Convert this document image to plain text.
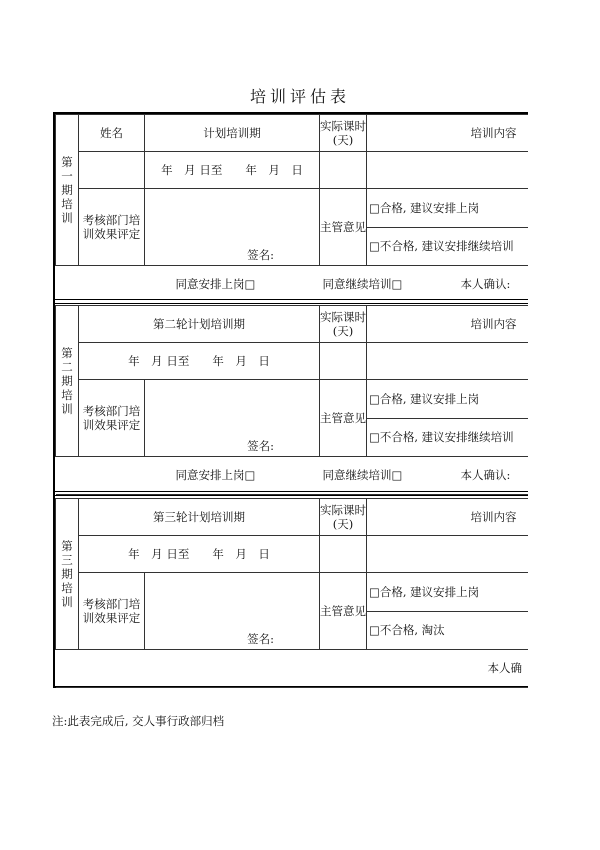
培训评估表
第一期培训	姓名	计划培训期	实际课时(天)	培训内容
		年　月 日至　　年　月　日		
	考核部门培训效果评定	签名:	主管意见	□合格, 建议安排上岗
				□不合格, 建议安排继续培训

同意安排上岗□ 同意继续培训□ 本人确认:				
第二期培训	第二轮计划培训期		实际课时(天)	培训内容
	年　月 日至　　年　月　日			
	考核部门培训效果评定	签名:	主管意见	□合格, 建议安排上岗
				□不合格, 建议安排继续培训

同意安排上岗□ 同意继续培训□ 本人确认:				
第三期培训	第三轮计划培训期		实际课时(天)	培训内容
	年　月 日至　　年　月　日			
	考核部门培训效果评定	签名:	主管意见	□合格, 建议安排上岗
				□不合格, 淘汰

本人确				
注:此表完成后, 交人事行政部归档
